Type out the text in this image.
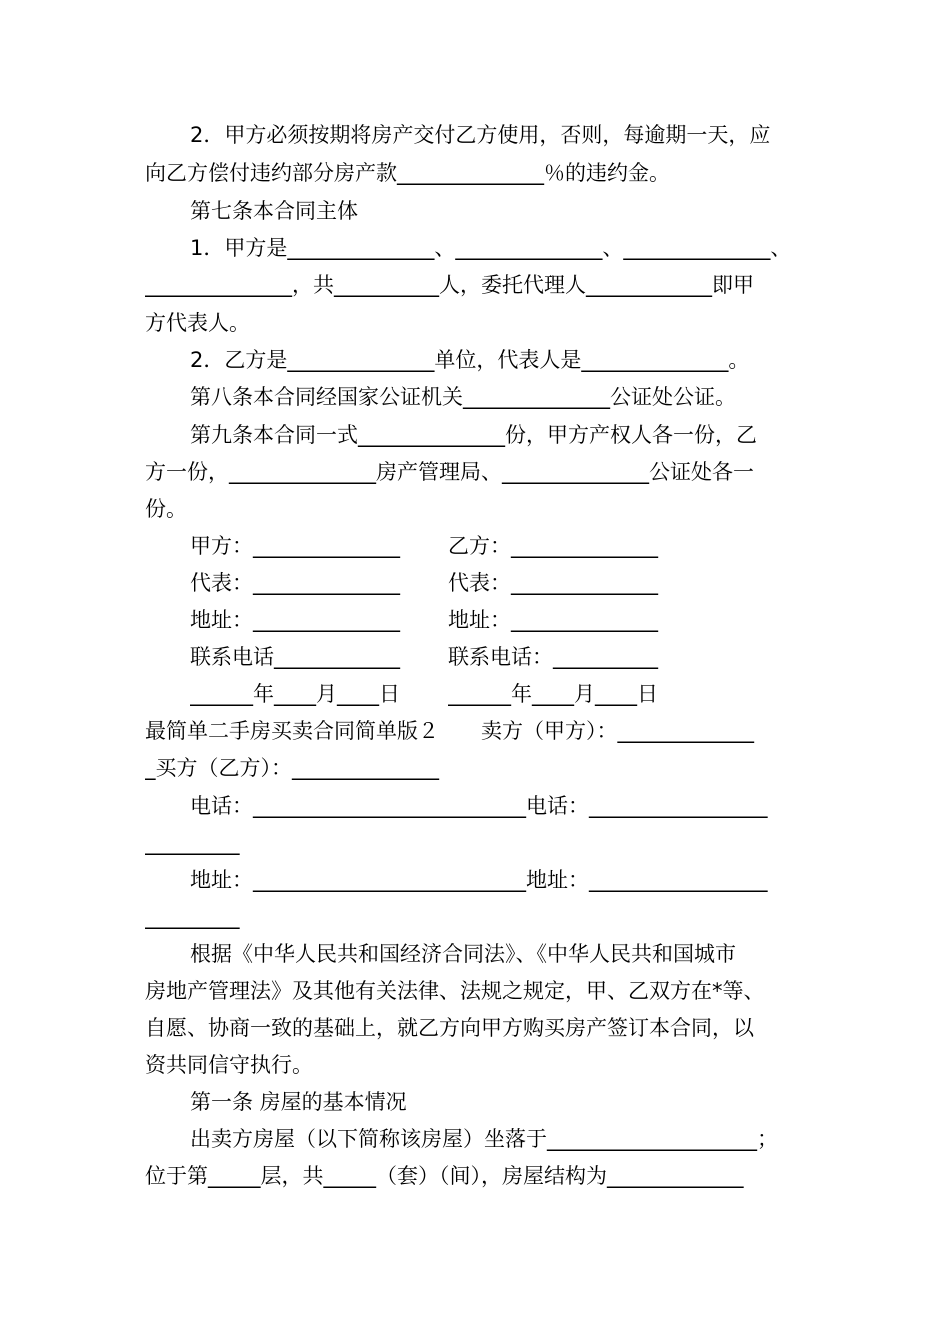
2．甲方必须按期将房产交付乙方使用，否则，每逾期一天，应
向乙方偿付违约部分房产款______________％的违约金。
第七条本合同主体
1．甲方是______________、______________、______________、
______________，共__________人，委托代理人____________即甲
方代表人。
2．乙方是______________单位，代表人是______________。
第八条本合同经国家公证机关______________公证处公证。
第九条本合同一式______________份，甲方产权人各一份，乙
方一份，______________房产管理局、______________公证处各一
份。
甲方：______________	乙方：______________
代表：______________	代表：______________
地址：______________	地址：______________
联系电话____________	联系电话：__________
______年____月____日	______年____月____日
最简单二手房买卖合同简单版２　　卖方（甲方）：_____________
_买方（乙方）：______________
电话：__________________________电话：_________________
_________
地址：__________________________地址：_________________
_________
根据《中华人民共和国经济合同法》、《中华人民共和国城市
房地产管理法》及其他有关法律、法规之规定，甲、乙双方在*等、
自愿、协商一致的基础上，就乙方向甲方购买房产签订本合同，以
资共同信守执行。
第一条 房屋的基本情况
出卖方房屋（以下简称该房屋）坐落于____________________；
位于第_____层，共_____（套）（间），房屋结构为_____________
